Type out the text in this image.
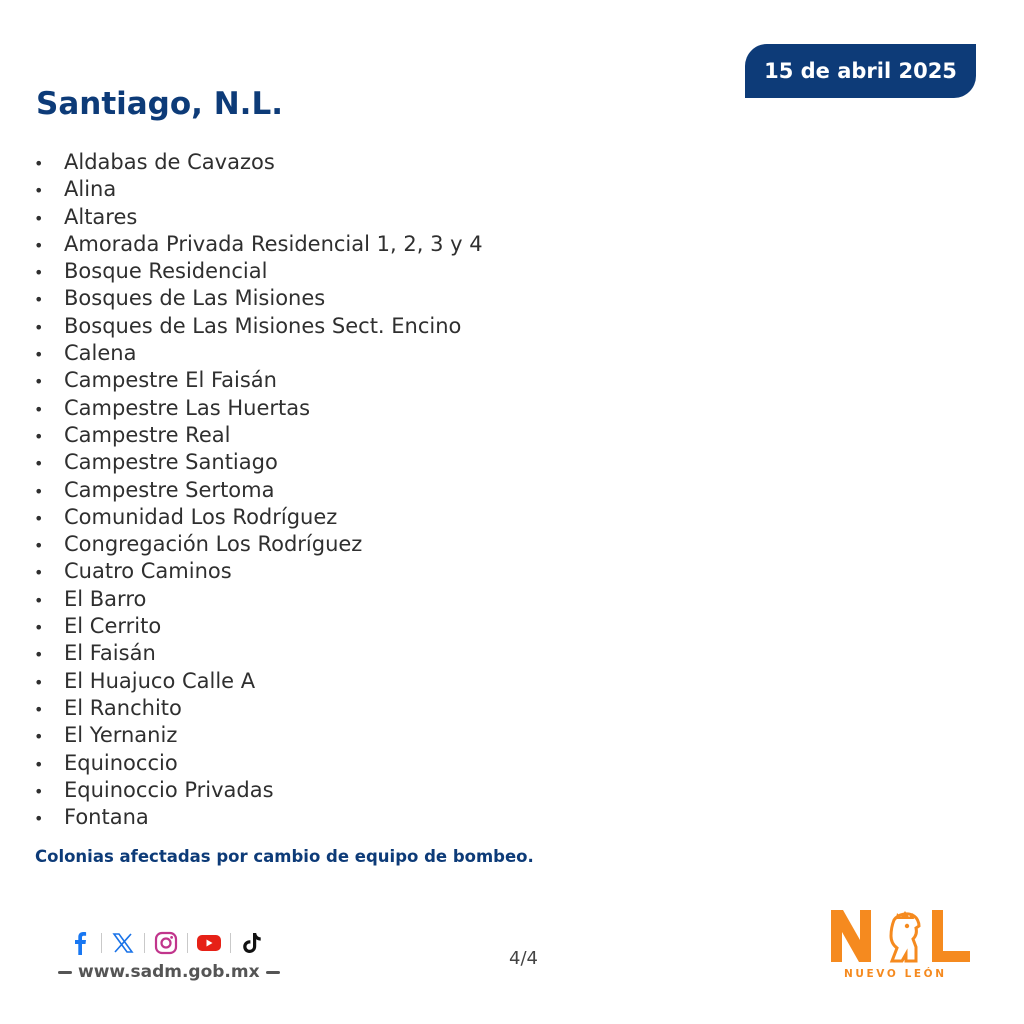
15 de abril 2025
Santiago, N.L.
• Aldabas de Cavazos
• Alina
• Altares
• Amorada Privada Residencial 1, 2, 3 y 4
• Bosque Residencial
• Bosques de Las Misiones
• Bosques de Las Misiones Sect. Encino
• Calena
• Campestre El Faisán
• Campestre Las Huertas
• Campestre Real
• Campestre Santiago
• Campestre Sertoma
• Comunidad Los Rodríguez
• Congregación Los Rodríguez
• Cuatro Caminos
• El Barro
• El Cerrito
• El Faisán
• El Huajuco Calle A
• El Ranchito
• El Yernaniz
• Equinoccio
• Equinoccio Privadas
• Fontana

Colonias afectadas por cambio de equipo de bombeo.

www.sadm.gob.mx
4/4
NUEVO LEÓN
